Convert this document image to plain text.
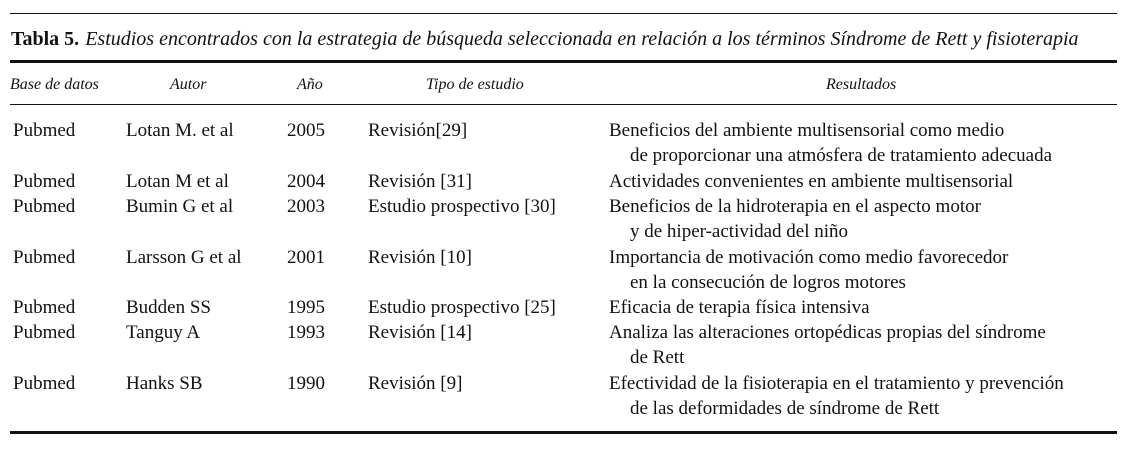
Tabla 5. Estudios encontrados con la estrategia de búsqueda seleccionada en relación a los términos Síndrome de Rett y fisioterapia
Base de datos	Autor	Año	Tipo de estudio	Resultados
Pubmed	Lotan M. et al	2005 Revisión[29]	Beneficios del ambiente multisensorial como medio
de proporcionar una atmósfera de tratamiento adecuada
Pubmed	Lotan M et al	2004 Revisión [31]	Actividades convenientes en ambiente multisensorial
Pubmed	Bumin G et al	2003 Estudio prospectivo [30]	Beneficios de la hidroterapia en el aspecto motor
y de hiper-actividad del niño
Pubmed	Larsson G et al 2001 Revisión [10]	Importancia de motivación como medio favorecedor
en la consecución de logros motores
Pubmed	Budden SS	1995 Estudio prospectivo [25]	Eficacia de terapia física intensiva
Pubmed	Tanguy A	1993 Revisión [14]	Analiza las alteraciones ortopédicas propias del síndrome
de Rett
Pubmed	Hanks SB	1990 Revisión [9]	Efectividad de la fisioterapia en el tratamiento y prevención
de las deformidades de síndrome de Rett
